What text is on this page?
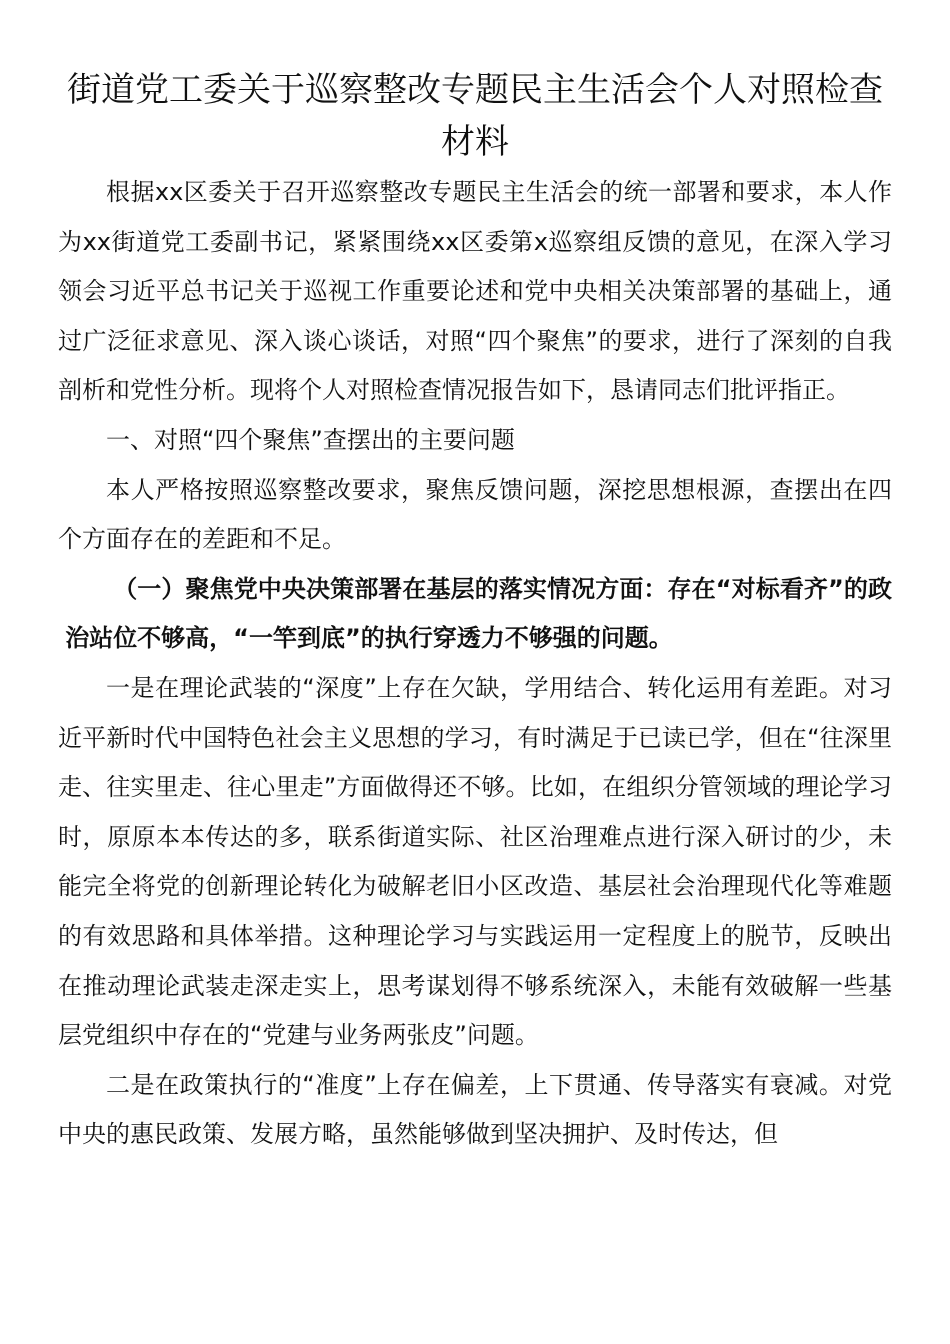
街道党工委关于巡察整改专题民主生活会个人对照检查材料

根据xx区委关于召开巡察整改专题民主生活会的统一部署和要求，本人作为xx街道党工委副书记，紧紧围绕xx区委第x巡察组反馈的意见，在深入学习领会习近平总书记关于巡视工作重要论述和党中央相关决策部署的基础上，通过广泛征求意见、深入谈心谈话，对照“四个聚焦”的要求，进行了深刻的自我剖析和党性分析。现将个人对照检查情况报告如下，恳请同志们批评指正。

一、对照“四个聚焦”查摆出的主要问题

本人严格按照巡察整改要求，聚焦反馈问题，深挖思想根源，查摆出在四个方面存在的差距和不足。

（一）聚焦党中央决策部署在基层的落实情况方面：存在“对标看齐”的政治站位不够高，“一竿到底”的执行穿透力不够强的问题。

一是在理论武装的“深度”上存在欠缺，学用结合、转化运用有差距。对习近平新时代中国特色社会主义思想的学习，有时满足于已读已学，但在“往深里走、往实里走、往心里走”方面做得还不够。比如，在组织分管领域的理论学习时，原原本本传达的多，联系街道实际、社区治理难点进行深入研讨的少，未能完全将党的创新理论转化为破解老旧小区改造、基层社会治理现代化等难题的有效思路和具体举措。这种理论学习与实践运用一定程度上的脱节，反映出在推动理论武装走深走实上，思考谋划得不够系统深入，未能有效破解一些基层党组织中存在的“党建与业务两张皮”问题。

二是在政策执行的“准度”上存在偏差，上下贯通、传导落实有衰减。对党中央的惠民政策、发展方略，虽然能够做到坚决拥护、及时传达，但
